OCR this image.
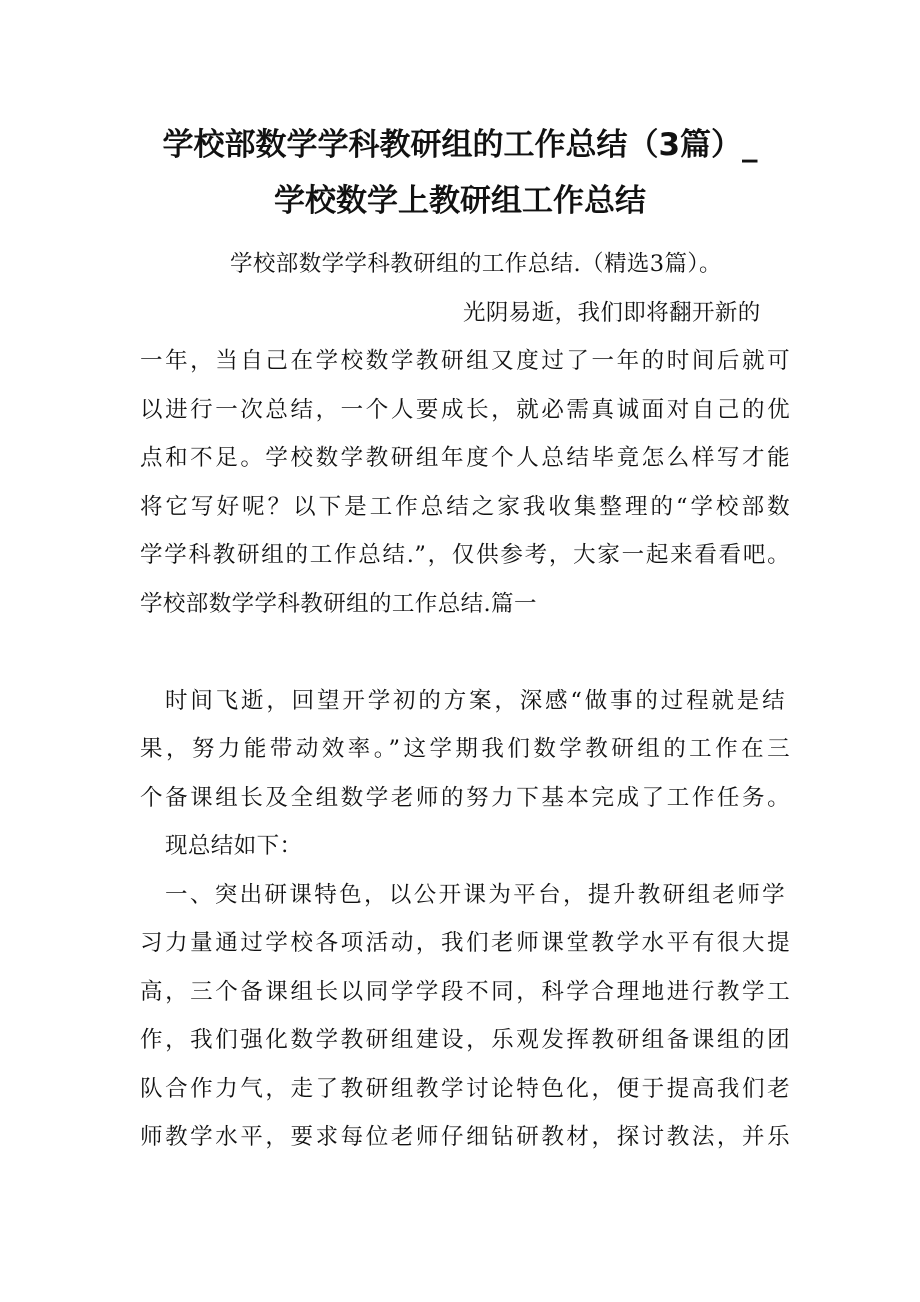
学校部数学学科教研组的工作总结（3篇）_
学校数学上教研组工作总结
学校部数学学科教研组的工作总结.（精选3篇）。
光阴易逝，我们即将翻开新的
一年，当自己在学校数学教研组又度过了一年的时间后就可
以进行一次总结，一个人要成长，就必需真诚面对自己的优
点和不足。学校数学教研组年度个人总结毕竟怎么样写才能
将它写好呢？以下是工作总结之家我收集整理的“学校部数
学学科教研组的工作总结.”，仅供参考，大家一起来看看吧。
学校部数学学科教研组的工作总结.篇一
时间飞逝，回望开学初的方案，深感“做事的过程就是结
果，努力能带动效率。”这学期我们数学教研组的工作在三
个备课组长及全组数学老师的努力下基本完成了工作任务。
现总结如下：
一、突出研课特色，以公开课为平台，提升教研组老师学
习力量通过学校各项活动，我们老师课堂教学水平有很大提
高，三个备课组长以同学学段不同，科学合理地进行教学工
作，我们强化数学教研组建设，乐观发挥教研组备课组的团
队合作力气，走了教研组教学讨论特色化，便于提高我们老
师教学水平，要求每位老师仔细钻研教材，探讨教法，并乐
